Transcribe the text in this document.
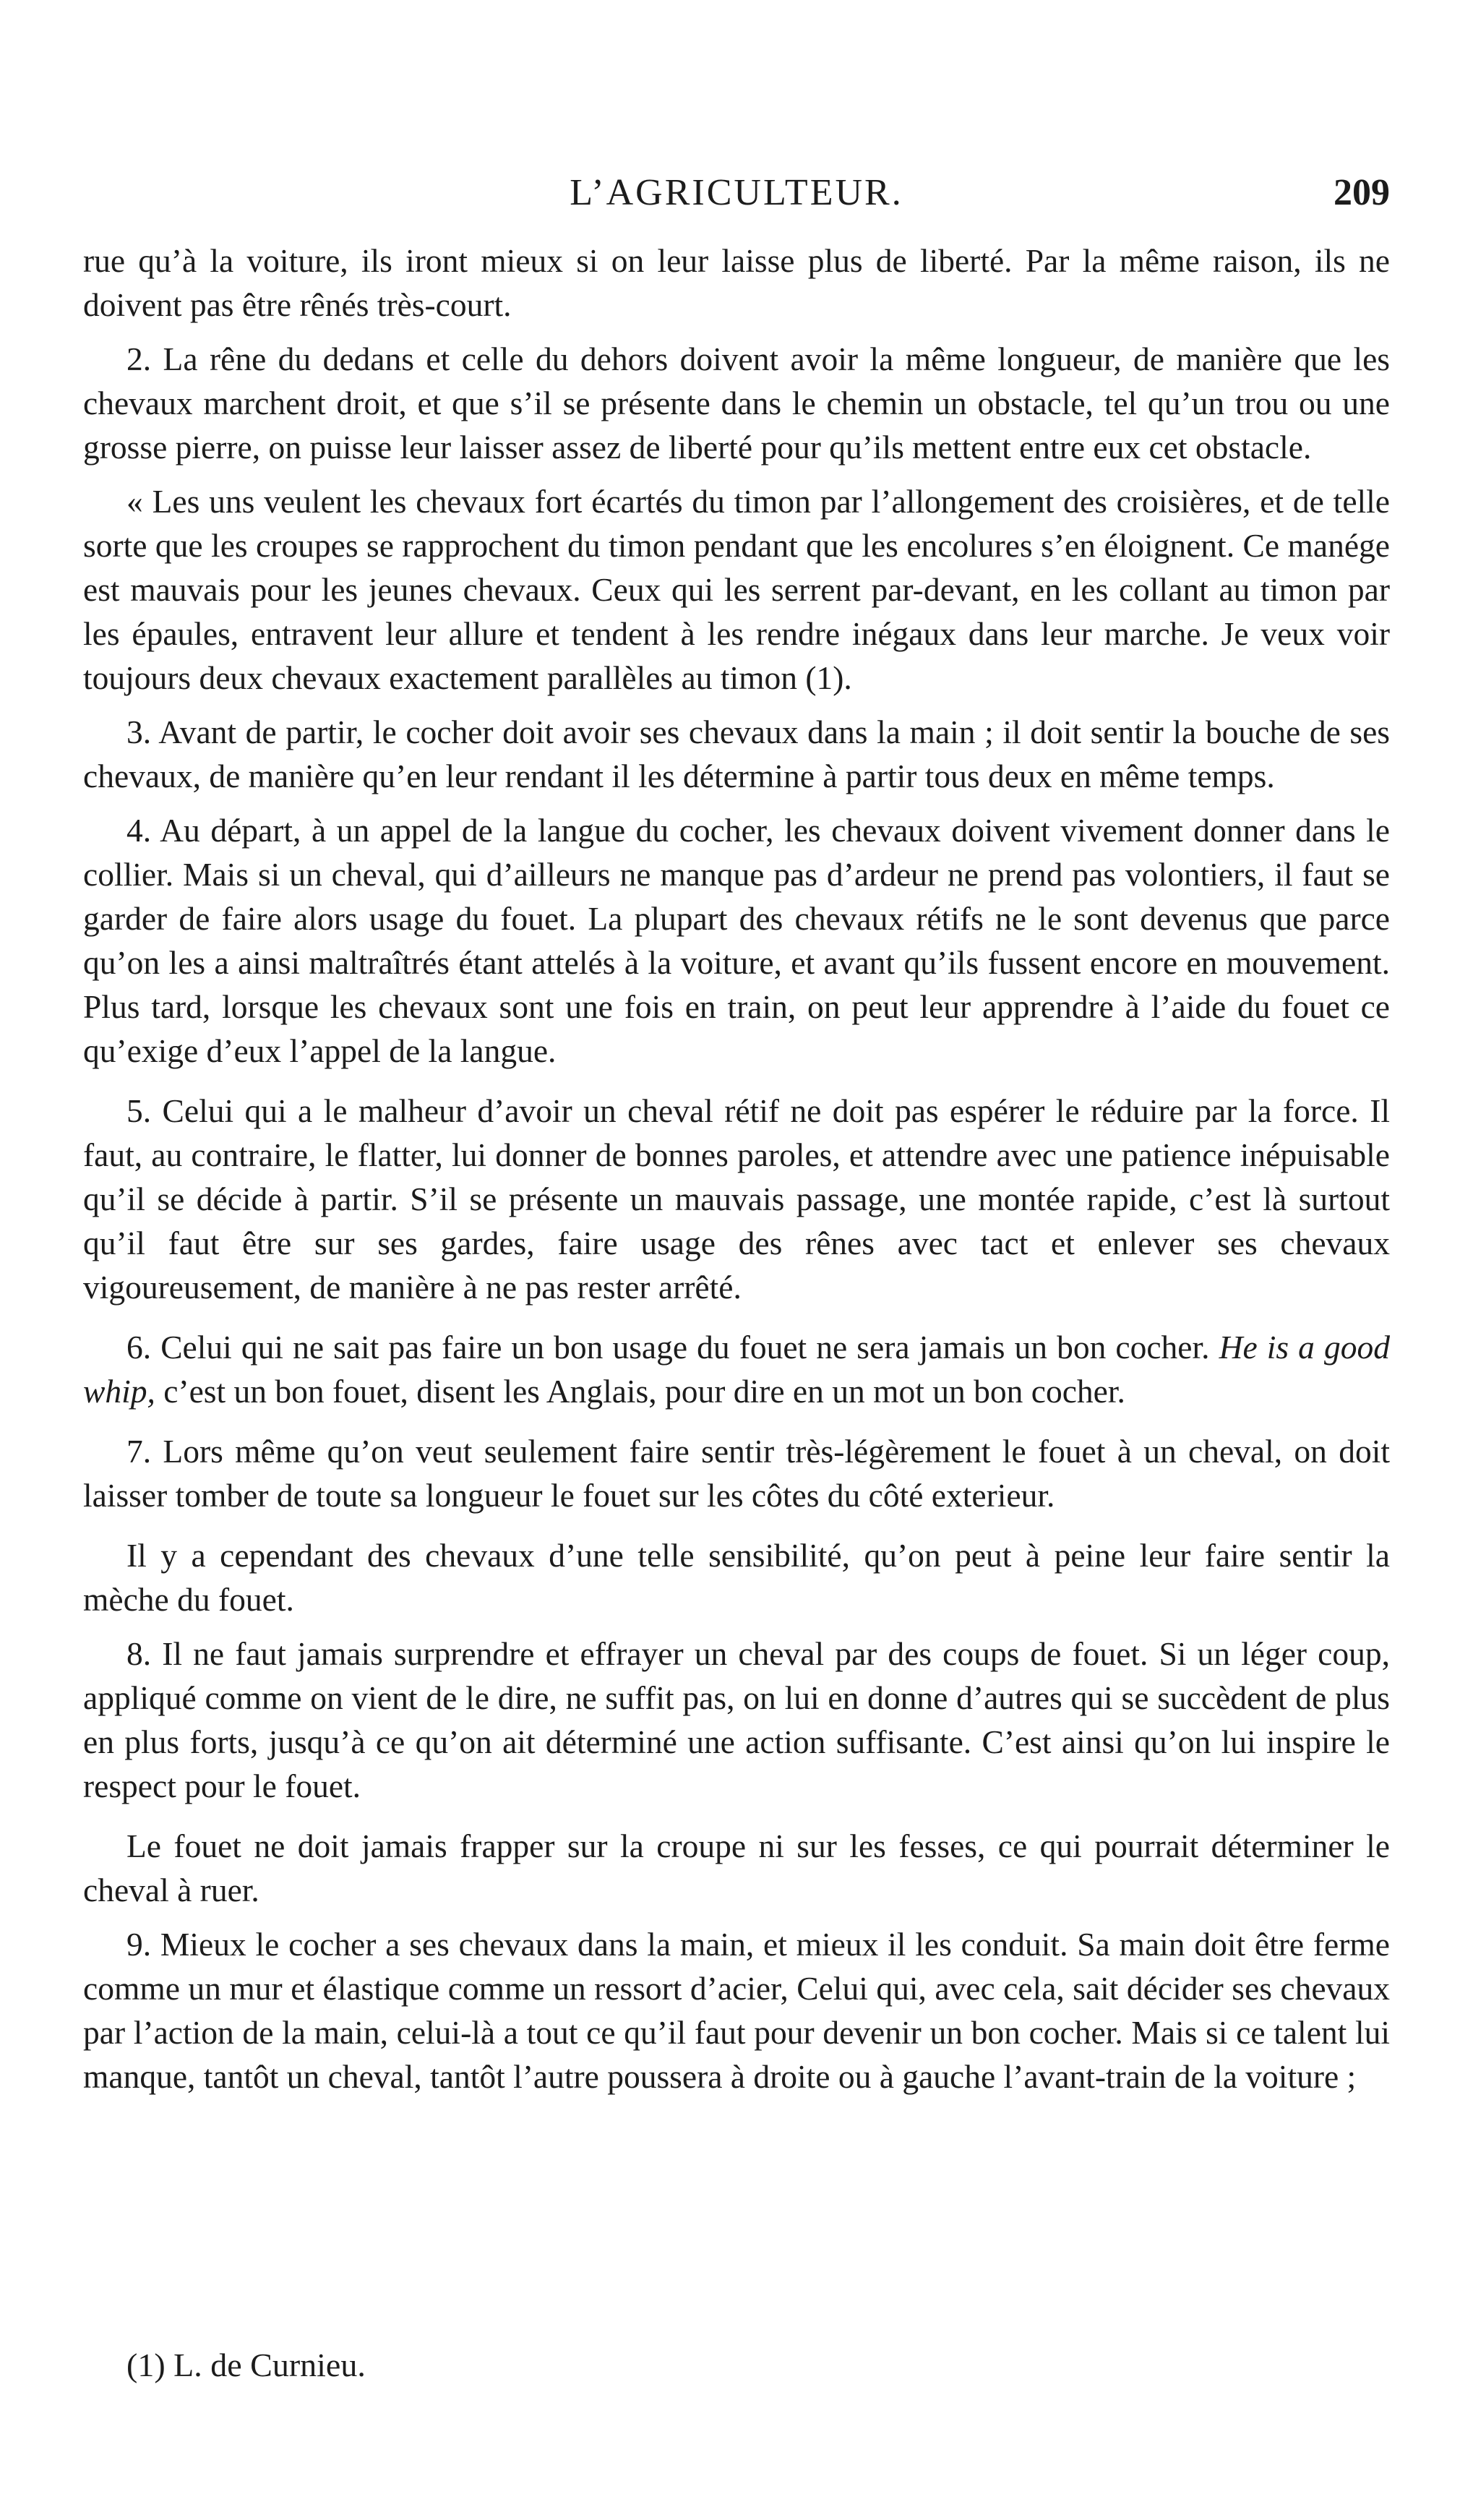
L’AGRICULTEUR.	209

rue qu’à la voiture, ils iront mieux si on leur laisse plus de liberté. Par la même raison, ils ne doivent pas être rênés très-court.

2. La rêne du dedans et celle du dehors doivent avoir la même longueur, de manière que les chevaux marchent droit, et que s’il se présente dans le chemin un obstacle, tel qu’un trou ou une grosse pierre, on puisse leur laisser assez de liberté pour qu’ils mettent entre eux cet obstacle.

« Les uns veulent les chevaux fort écartés du timon par l’allongement des croisières, et de telle sorte que les croupes se rapprochent du timon pendant que les encolures s’en éloignent. Ce manége est mauvais pour les jeunes chevaux. Ceux qui les serrent par-devant, en les collant au timon par les épaules, entravent leur allure et tendent à les rendre inégaux dans leur marche. Je veux voir toujours deux chevaux exactement parallèles au timon (1).

3. Avant de partir, le cocher doit avoir ses chevaux dans la main ; il doit sentir la bouche de ses chevaux, de manière qu’en leur rendant il les détermine à partir tous deux en même temps.

4. Au départ, à un appel de la langue du cocher, les chevaux doivent vivement donner dans le collier. Mais si un cheval, qui d’ailleurs ne manque pas d’ardeur ne prend pas volontiers, il faut se garder de faire alors usage du fouet. La plupart des chevaux rétifs ne le sont devenus que parce qu’on les a ainsi maltraîtrés étant attelés à la voiture, et avant qu’ils fussent encore en mouvement. Plus tard, lorsque les chevaux sont une fois en train, on peut leur apprendre à l’aide du fouet ce qu’exige d’eux l’appel de la langue.

5. Celui qui a le malheur d’avoir un cheval rétif ne doit pas espérer le réduire par la force. Il faut, au contraire, le flatter, lui donner de bonnes paroles, et attendre avec une patience inépuisable qu’il se décide à partir. S’il se présente un mauvais passage, une montée rapide, c’est là surtout qu’il faut être sur ses gardes, faire usage des rênes avec tact et enlever ses chevaux vigoureusement, de manière à ne pas rester arrêté.

6. Celui qui ne sait pas faire un bon usage du fouet ne sera jamais un bon cocher. He is a good whip, c’est un bon fouet, disent les Anglais, pour dire en un mot un bon cocher.

7. Lors même qu’on veut seulement faire sentir très-légèrement le fouet à un cheval, on doit laisser tomber de toute sa longueur le fouet sur les côtes du côté exterieur.

Il y a cependant des chevaux d’une telle sensibilité, qu’on peut à peine leur faire sentir la mèche du fouet.

8. Il ne faut jamais surprendre et effrayer un cheval par des coups de fouet. Si un léger coup, appliqué comme on vient de le dire, ne suffit pas, on lui en donne d’autres qui se succèdent de plus en plus forts, jusqu’à ce qu’on ait déterminé une action suffisante. C’est ainsi qu’on lui inspire le respect pour le fouet.

Le fouet ne doit jamais frapper sur la croupe ni sur les fesses, ce qui pourrait déterminer le cheval à ruer.

9. Mieux le cocher a ses chevaux dans la main, et mieux il les conduit. Sa main doit être ferme comme un mur et élastique comme un ressort d’acier, Celui qui, avec cela, sait décider ses chevaux par l’action de la main, celui-là a tout ce qu’il faut pour devenir un bon cocher. Mais si ce talent lui manque, tantôt un cheval, tantôt l’autre poussera à droite ou à gauche l’avant-train de la voiture ;

(1) L. de Curnieu.
